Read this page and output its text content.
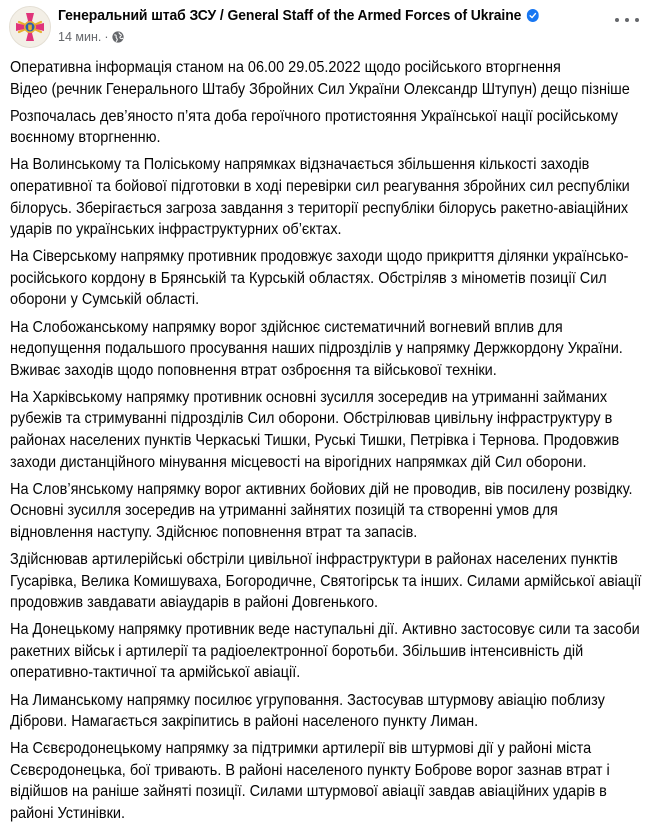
Генеральний штаб ЗСУ / General Staff of the Armed Forces of Ukraine
14 мин. ·

Оперативна інформація станом на 06.00 29.05.2022 щодо російського вторгнення
Відео (речник Генерального Штабу Збройних Сил України Олександр Штупун) дещо пізніше

Розпочалась дев’яносто п’ята доба героїчного протистояння Української нації російському
воєнному вторгненню.

На Волинському та Поліському напрямках відзначається збільшення кількості заходів
оперативної та бойової підготовки в ході перевірки сил реагування збройних сил республіки
білорусь. Зберігається загроза завдання з території республіки білорусь ракетно-авіаційних
ударів по українських інфраструктурних об’єктах.

На Сіверському напрямку противник продовжує заходи щодо прикриття ділянки українсько-
російського кордону в Брянській та Курській областях. Обстріляв з мінометів позиції Сил
оборони у Сумській області.

На Слобожанському напрямку ворог здійснює систематичний вогневий вплив для
недопущення подальшого просування наших підрозділів у напрямку Держкордону України.
Вживає заходів щодо поповнення втрат озброєння та військової техніки.

На Харківському напрямку противник основні зусилля зосередив на утриманні займаних
рубежів та стримуванні підрозділів Сил оборони. Обстрілював цивільну інфраструктуру в
районах населених пунктів Черкаські Тишки, Руські Тишки, Петрівка і Тернова. Продовжив
заходи дистанційного мінування місцевості на вірогідних напрямках дій Сил оборони.

На Слов’янському напрямку ворог активних бойових дій не проводив, вів посилену розвідку.
Основні зусилля зосередив на утриманні зайнятих позицій та створенні умов для
відновлення наступу. Здійснює поповнення втрат та запасів.

Здійснював артилерійські обстріли цивільної інфраструктури в районах населених пунктів
Гусарівка, Велика Комишуваха, Богородичне, Святогірськ та інших. Силами армійської авіації
продовжив завдавати авіаударів в районі Довгенького.

На Донецькому напрямку противник веде наступальні дії. Активно застосовує сили та засоби
ракетних військ і артилерії та радіоелектронної боротьби. Збільшив інтенсивність дій
оперативно-тактичної та армійської авіації.

На Лиманському напрямку посилює угруповання. Застосував штурмову авіацію поблизу
Діброви. Намагається закріпитись в районі населеного пункту Лиман.

На Сєвєродонецькому напрямку за підтримки артилерії вів штурмові дії у районі міста
Сєвєродонецька, бої тривають. В районі населеного пункту Боброве ворог зазнав втрат і
відійшов на раніше зайняті позиції. Силами штурмової авіації завдав авіаційних ударів в
районі Устинівки.
